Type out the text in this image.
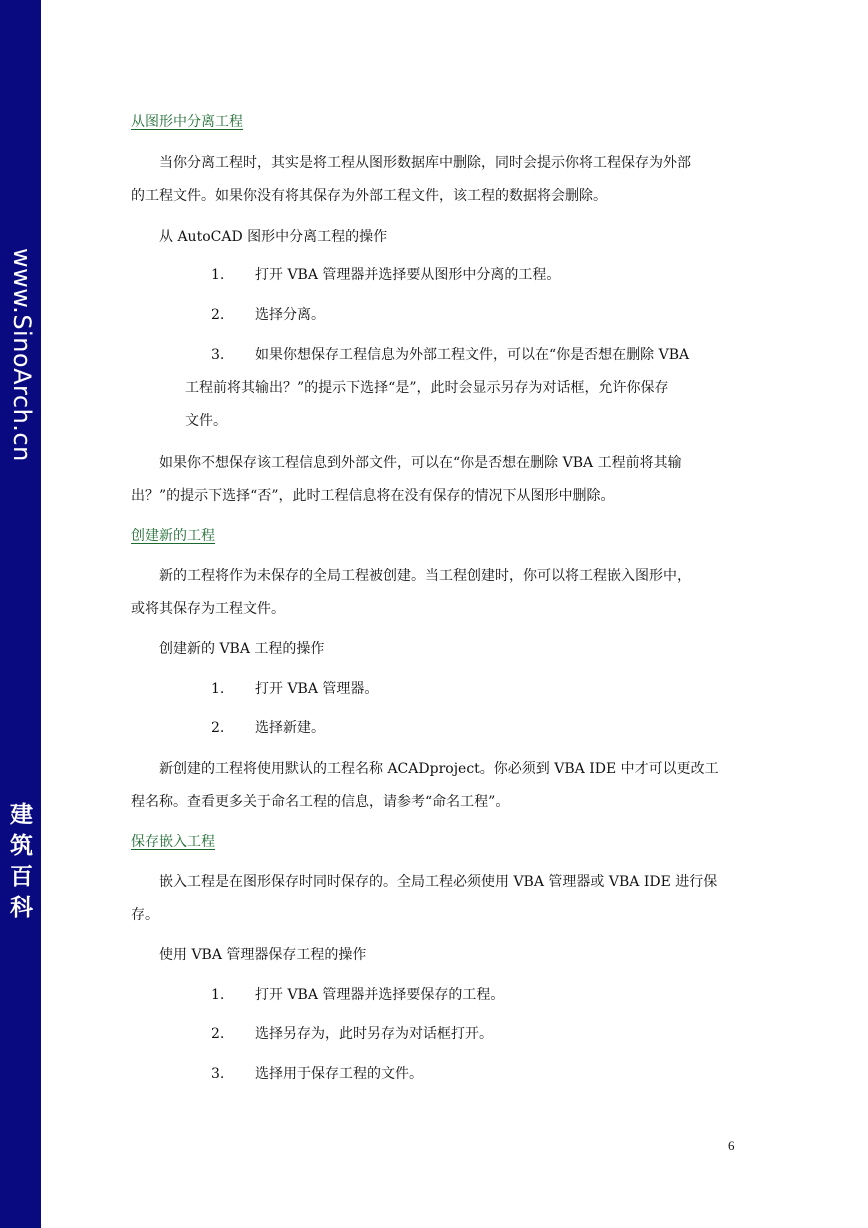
www.SinoArch.cn
建筑百科
从图形中分离工程
当你分离工程时，其实是将工程从图形数据库中删除，同时会提示你将工程保存为外部
的工程文件。如果你没有将其保存为外部工程文件，该工程的数据将会删除。
从 AutoCAD 图形中分离工程的操作
1. 打开 VBA 管理器并选择要从图形中分离的工程。
2. 选择分离。
3. 如果你想保存工程信息为外部工程文件，可以在“你是否想在删除 VBA
工程前将其输出？”的提示下选择“是”，此时会显示另存为对话框，允许你保存
文件。
如果你不想保存该工程信息到外部文件，可以在“你是否想在删除 VBA 工程前将其输
出？”的提示下选择“否”，此时工程信息将在没有保存的情况下从图形中删除。
创建新的工程
新的工程将作为未保存的全局工程被创建。当工程创建时，你可以将工程嵌入图形中，
或将其保存为工程文件。
创建新的 VBA 工程的操作
1. 打开 VBA 管理器。
2. 选择新建。
新创建的工程将使用默认的工程名称 ACADproject。你必须到 VBA IDE 中才可以更改工
程名称。查看更多关于命名工程的信息，请参考“命名工程”。
保存嵌入工程
嵌入工程是在图形保存时同时保存的。全局工程必须使用 VBA 管理器或 VBA IDE 进行保
存。
使用 VBA 管理器保存工程的操作
1. 打开 VBA 管理器并选择要保存的工程。
2. 选择另存为，此时另存为对话框打开。
3. 选择用于保存工程的文件。
6
